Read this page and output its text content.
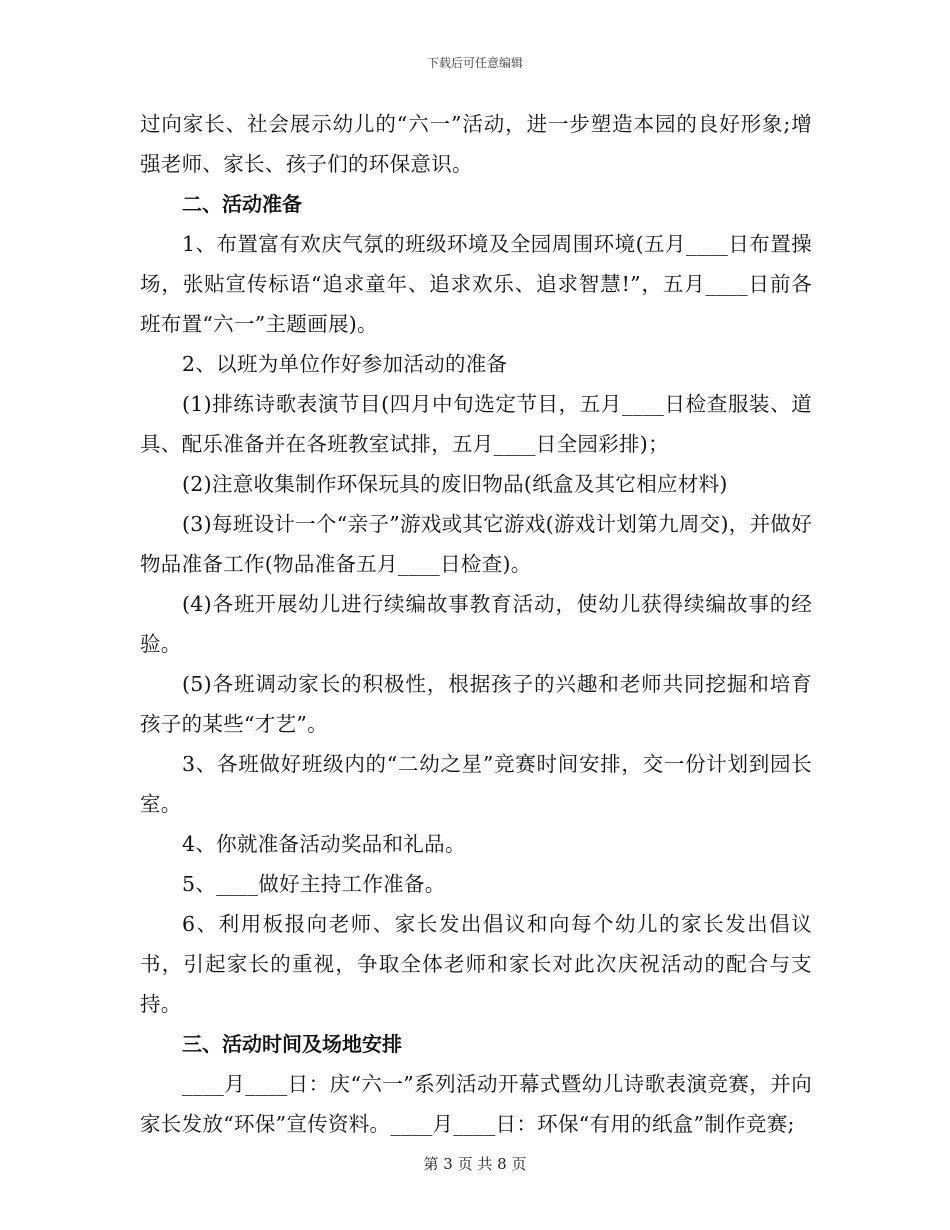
下载后可任意编辑

过向家长、社会展示幼儿的“六一”活动，进一步塑造本园的良好形象;增强老师、家长、孩子们的环保意识。

二、活动准备

1、布置富有欢庆气氛的班级环境及全园周围环境(五月____日布置操场，张贴宣传标语“追求童年、追求欢乐、追求智慧!”，五月____日前各班布置“六一”主题画展)。

2、以班为单位作好参加活动的准备

(1)排练诗歌表演节目(四月中旬选定节目，五月____日检查服装、道具、配乐准备并在各班教室试排，五月____日全园彩排)；

(2)注意收集制作环保玩具的废旧物品(纸盒及其它相应材料)

(3)每班设计一个“亲子”游戏或其它游戏(游戏计划第九周交)，并做好物品准备工作(物品准备五月____日检查)。

(4)各班开展幼儿进行续编故事教育活动，使幼儿获得续编故事的经验。

(5)各班调动家长的积极性，根据孩子的兴趣和老师共同挖掘和培育孩子的某些“才艺”。

3、各班做好班级内的“二幼之星”竞赛时间安排，交一份计划到园长室。

4、你就准备活动奖品和礼品。

5、____做好主持工作准备。

6、利用板报向老师、家长发出倡议和向每个幼儿的家长发出倡议书，引起家长的重视，争取全体老师和家长对此次庆祝活动的配合与支持。

三、活动时间及场地安排

____月____日：庆“六一”系列活动开幕式暨幼儿诗歌表演竞赛，并向家长发放“环保”宣传资料。____月____日：环保“有用的纸盒”制作竞赛;

第 3 页 共 8 页
